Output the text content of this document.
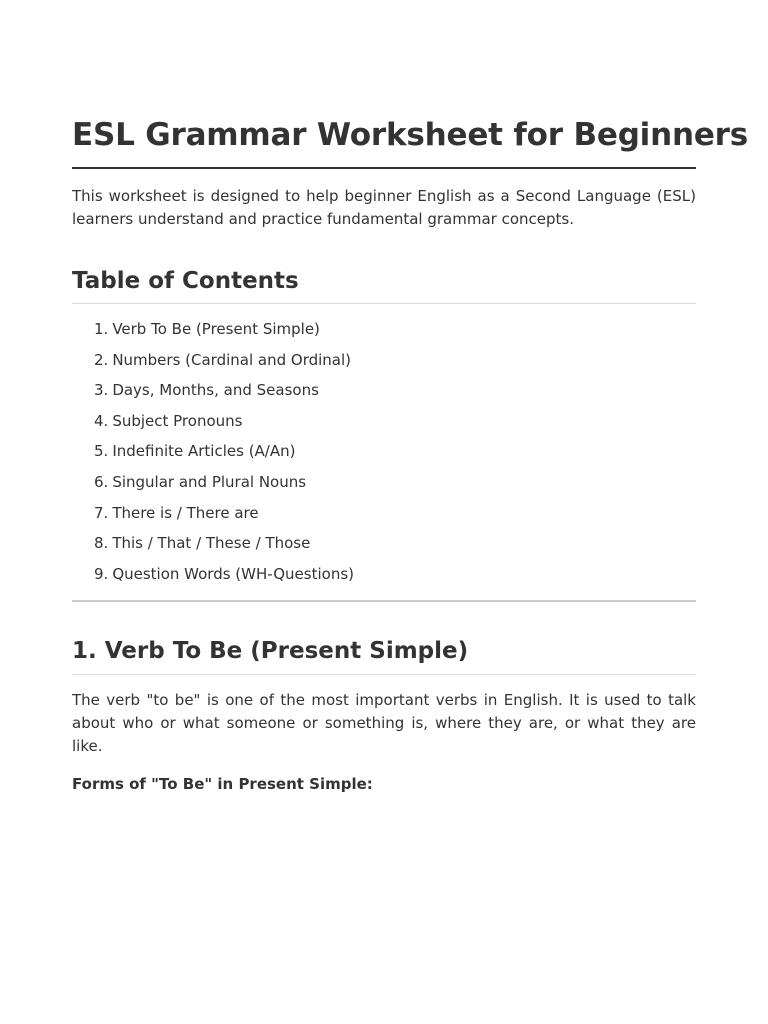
ESL Grammar Worksheet for Beginners

This worksheet is designed to help beginner English as a Second Language (ESL) learners understand and practice fundamental grammar concepts.

Table of Contents
1. Verb To Be (Present Simple)
2. Numbers (Cardinal and Ordinal)
3. Days, Months, and Seasons
4. Subject Pronouns
5. Indefinite Articles (A/An)
6. Singular and Plural Nouns
7. There is / There are
8. This / That / These / Those
9. Question Words (WH-Questions)
1. Verb To Be (Present Simple)

The verb "to be" is one of the most important verbs in English. It is used to talk about who or what someone or something is, where they are, or what they are like.

Forms of "To Be" in Present Simple:
